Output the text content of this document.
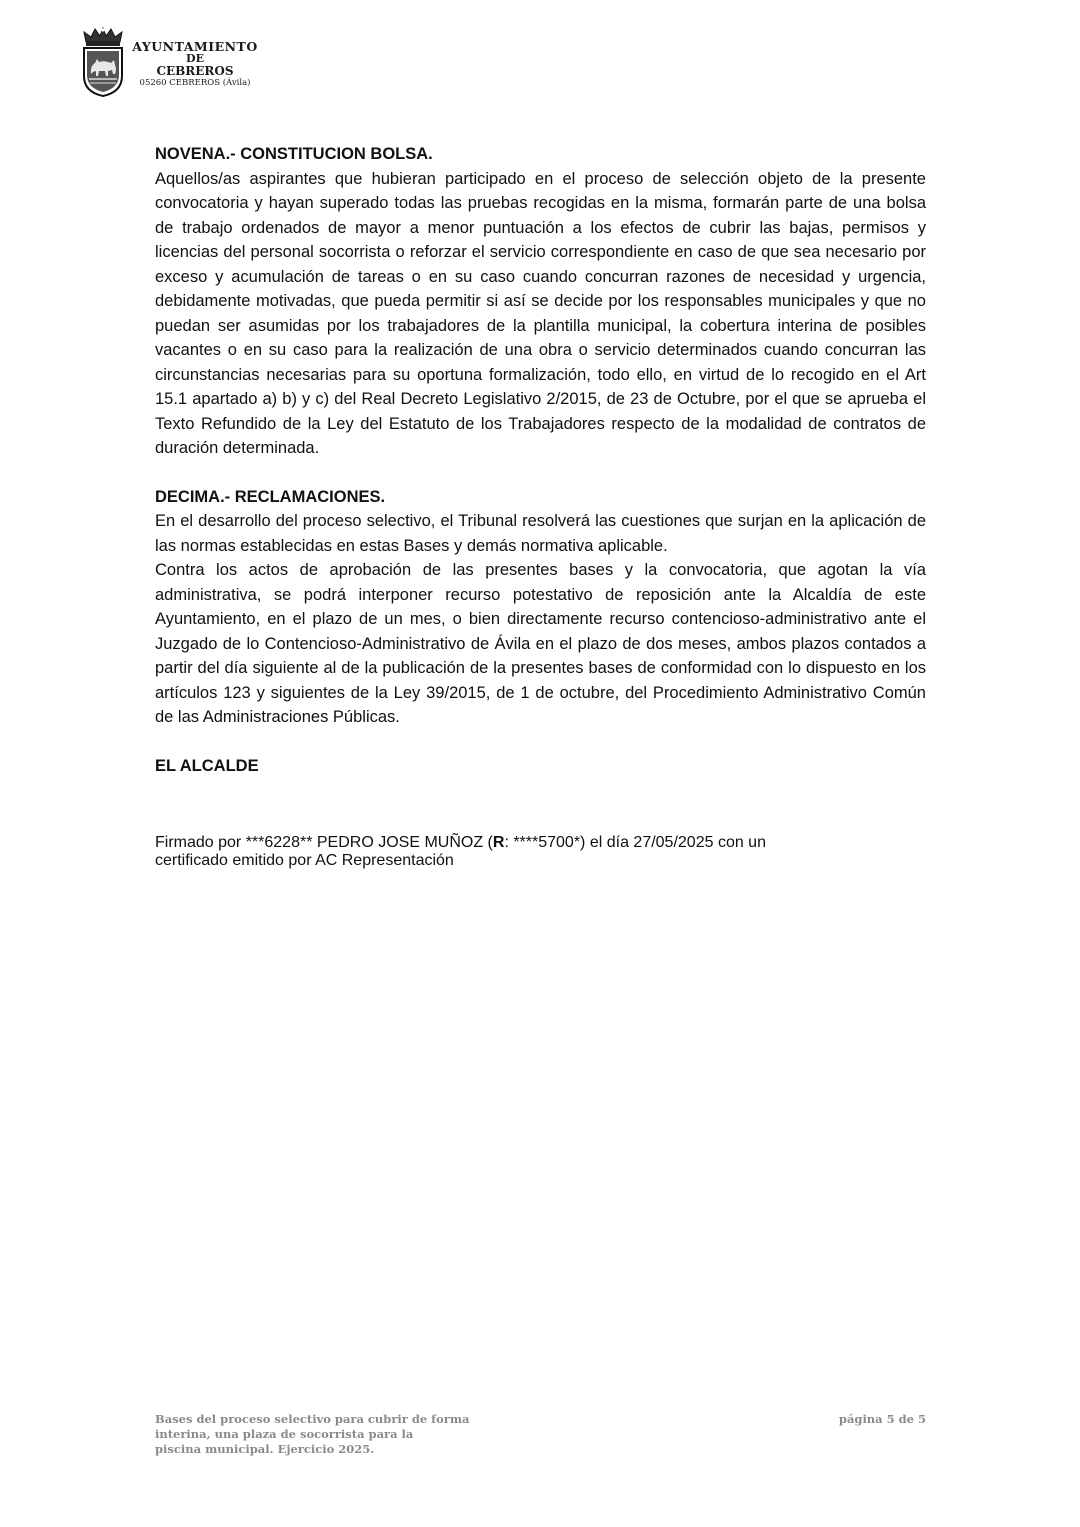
AYUNTAMIENTO
DE
CEBREROS
05260 CEBREROS (Ávila)

NOVENA.- CONSTITUCION BOLSA.

Aquellos/as aspirantes que hubieran participado en el proceso de selección objeto de la presente convocatoria y hayan superado todas las pruebas recogidas en la misma, formarán parte de una bolsa de trabajo ordenados de mayor a menor puntuación a los efectos de cubrir las bajas, permisos y licencias del personal socorrista o reforzar el servicio correspondiente en caso de que sea necesario por exceso y acumulación de tareas o en su caso cuando concurran razones de necesidad y urgencia, debidamente motivadas, que pueda permitir si así se decide por los responsables municipales y que no puedan ser asumidas por los trabajadores de la plantilla municipal, la cobertura interina de posibles vacantes o en su caso para la realización de una obra o servicio determinados cuando concurran las circunstancias necesarias para su oportuna formalización, todo ello, en virtud de lo recogido en el Art 15.1 apartado a) b) y c) del Real Decreto Legislativo 2/2015, de 23 de Octubre, por el que se aprueba el Texto Refundido de la Ley del Estatuto de los Trabajadores respecto de la modalidad de contratos de duración determinada.

DECIMA.- RECLAMACIONES.

En el desarrollo del proceso selectivo, el Tribunal resolverá las cuestiones que surjan en la aplicación de las normas establecidas en estas Bases y demás normativa aplicable.

Contra los actos de aprobación de las presentes bases y la convocatoria, que agotan la vía administrativa, se podrá interponer recurso potestativo de reposición ante la Alcaldía de este Ayuntamiento, en el plazo de un mes, o bien directamente recurso contencioso-administrativo ante el Juzgado de lo Contencioso-Administrativo de Ávila en el plazo de dos meses, ambos plazos contados a partir del día siguiente al de la publicación de la presentes bases de conformidad con lo dispuesto en los artículos 123 y siguientes de la Ley 39/2015, de 1 de octubre, del Procedimiento Administrativo Común de las Administraciones Públicas.

EL ALCALDE

Firmado por ***6228** PEDRO JOSE MUÑOZ (R: ****5700*) el día 27/05/2025 con un
certificado emitido por AC Representación
Bases del proceso selectivo para cubrir de forma
interina, una plaza de socorrista para la
piscina municipal. Ejercicio 2025.
página 5 de 5
